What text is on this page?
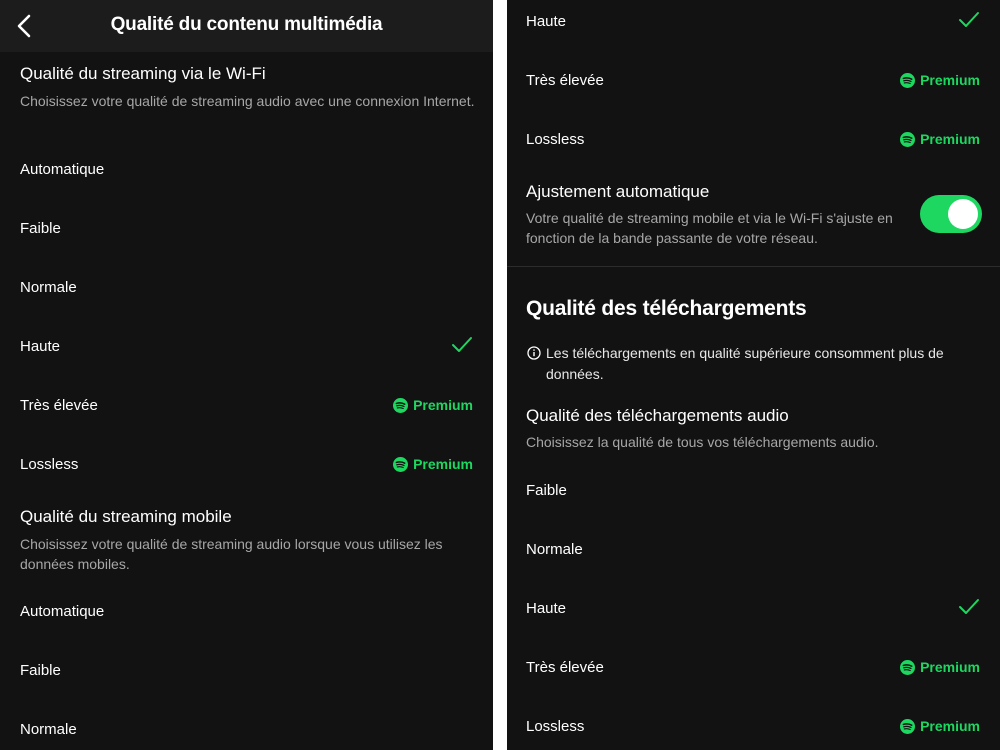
Qualité du contenu multimédia
Qualité du streaming via le Wi-Fi
Choisissez votre qualité de streaming audio avec une connexion Internet.
Automatique
Faible
Normale
Haute
Très élevée	Premium
Lossless	Premium
Qualité du streaming mobile
Choisissez votre qualité de streaming audio lorsque vous utilisez les données mobiles.
Automatique
Faible
Normale
Haute
Très élevée	Premium
Lossless	Premium
Ajustement automatique
Votre qualité de streaming mobile et via le Wi-Fi s'ajuste en fonction de la bande passante de votre réseau.
Qualité des téléchargements
Les téléchargements en qualité supérieure consomment plus de données.
Qualité des téléchargements audio
Choisissez la qualité de tous vos téléchargements audio.
Faible
Normale
Haute
Très élevée	Premium
Lossless	Premium
